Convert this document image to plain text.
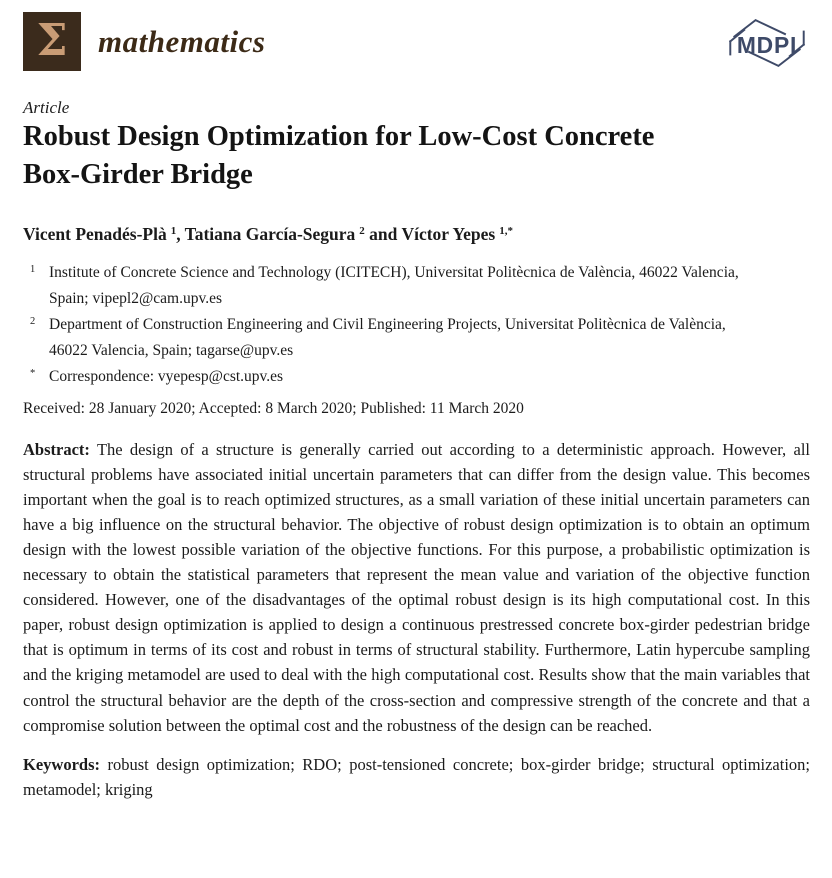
Σ mathematics	MDPI
Article
Robust Design Optimization for Low-Cost Concrete
Box-Girder Bridge
Vicent Penadés-Plà $^1$, Tatiana García-Segura $^2$ and Víctor Yepes $^{1,*}$
1 Institute of Concrete Science and Technology (ICITECH), Universitat Politècnica de València, 46022 Valencia, Spain; vipepl2@cam.upv.es
2 Department of Construction Engineering and Civil Engineering Projects, Universitat Politècnica de València, 46022 Valencia, Spain; tagarse@upv.es
* Correspondence: vyepesp@cst.upv.es
Received: 28 January 2020; Accepted: 8 March 2020; Published: 11 March 2020

Abstract: The design of a structure is generally carried out according to a deterministic approach. However, all structural problems have associated initial uncertain parameters that can differ from the design value. This becomes important when the goal is to reach optimized structures, as a small variation of these initial uncertain parameters can have a big influence on the structural behavior. The objective of robust design optimization is to obtain an optimum design with the lowest possible variation of the objective functions. For this purpose, a probabilistic optimization is necessary to obtain the statistical parameters that represent the mean value and variation of the objective function considered. However, one of the disadvantages of the optimal robust design is its high computational cost. In this paper, robust design optimization is applied to design a continuous prestressed concrete box-girder pedestrian bridge that is optimum in terms of its cost and robust in terms of structural stability. Furthermore, Latin hypercube sampling and the kriging metamodel are used to deal with the high computational cost. Results show that the main variables that control the structural behavior are the depth of the cross-section and compressive strength of the concrete and that a compromise solution between the optimal cost and the robustness of the design can be reached.

Keywords: robust design optimization; RDO; post-tensioned concrete; box-girder bridge; structural optimization; metamodel; kriging
